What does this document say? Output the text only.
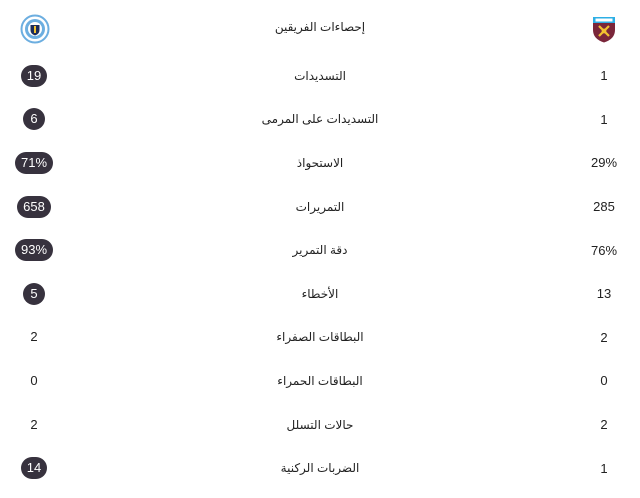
إحصاءات الفريقين
19	التسديدات	1
6	التسديدات على المرمى	1
71%	الاستحواذ	29%
658	التمريرات	285
93%	دقة التمرير	76%
5	الأخطاء	13
2	البطاقات الصفراء	2
0	البطاقات الحمراء	0
2	حالات التسلل	2
14	الضربات الركنية	1
